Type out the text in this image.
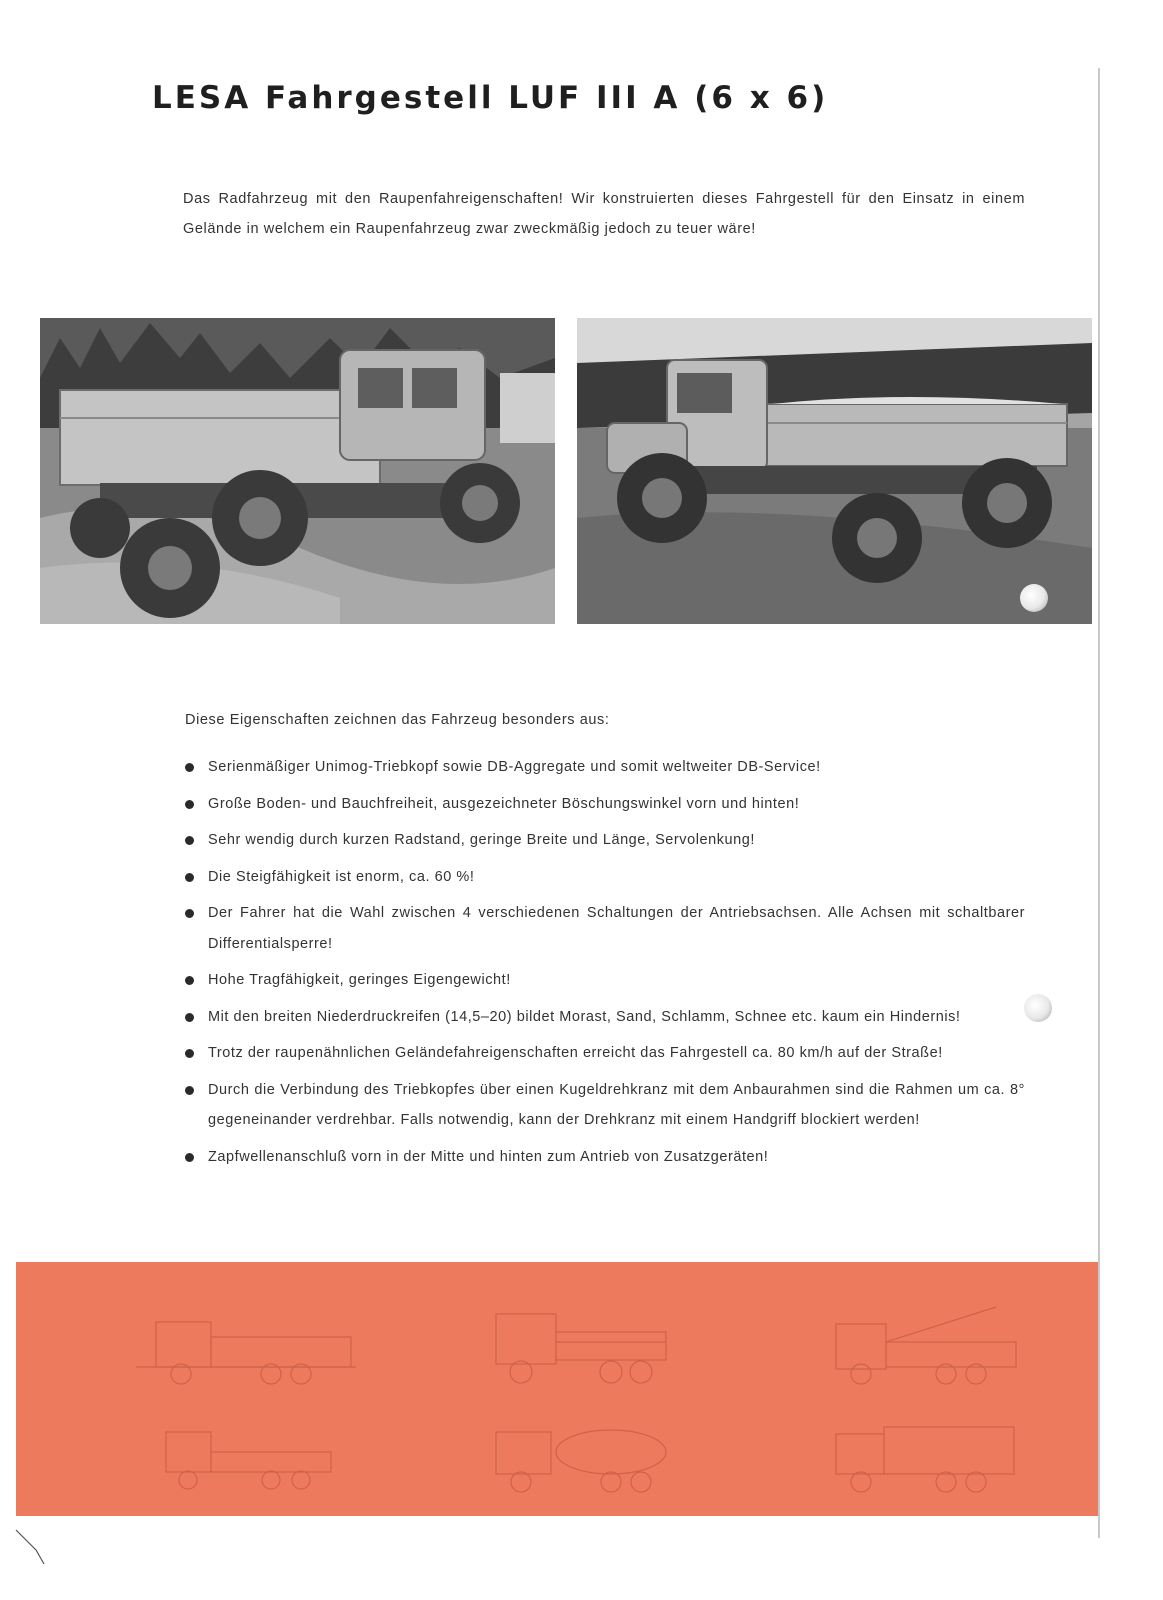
LESA Fahrgestell LUF III A (6 x 6)

Das Radfahrzeug mit den Raupenfahreigenschaften! Wir konstruierten dieses Fahrgestell für den Einsatz in einem Gelände in welchem ein Raupenfahrzeug zwar zweckmäßig jedoch zu teuer wäre!

Diese Eigenschaften zeichnen das Fahrzeug besonders aus:
Serienmäßiger Unimog-Triebkopf sowie DB-Aggregate und somit weltweiter DB-Service!
Große Boden- und Bauchfreiheit, ausgezeichneter Böschungswinkel vorn und hinten!
Sehr wendig durch kurzen Radstand, geringe Breite und Länge, Servolenkung!
Die Steigfähigkeit ist enorm, ca. 60 %!
Der Fahrer hat die Wahl zwischen 4 verschiedenen Schaltungen der Antriebsachsen. Alle Achsen mit schaltbarer Differentialsperre!
Hohe Tragfähigkeit, geringes Eigengewicht!
Mit den breiten Niederdruckreifen (14,5–20) bildet Morast, Sand, Schlamm, Schnee etc. kaum ein Hindernis!
Trotz der raupenähnlichen Geländefahreigenschaften erreicht das Fahrgestell ca. 80 km/h auf der Straße!
Durch die Verbindung des Triebkopfes über einen Kugeldrehkranz mit dem Anbaurahmen sind die Rahmen um ca. 8° gegeneinander verdrehbar. Falls notwendig, kann der Drehkranz mit einem Handgriff blockiert werden!
Zapfwellenanschluß vorn in der Mitte und hinten zum Antrieb von Zusatzgeräten!
